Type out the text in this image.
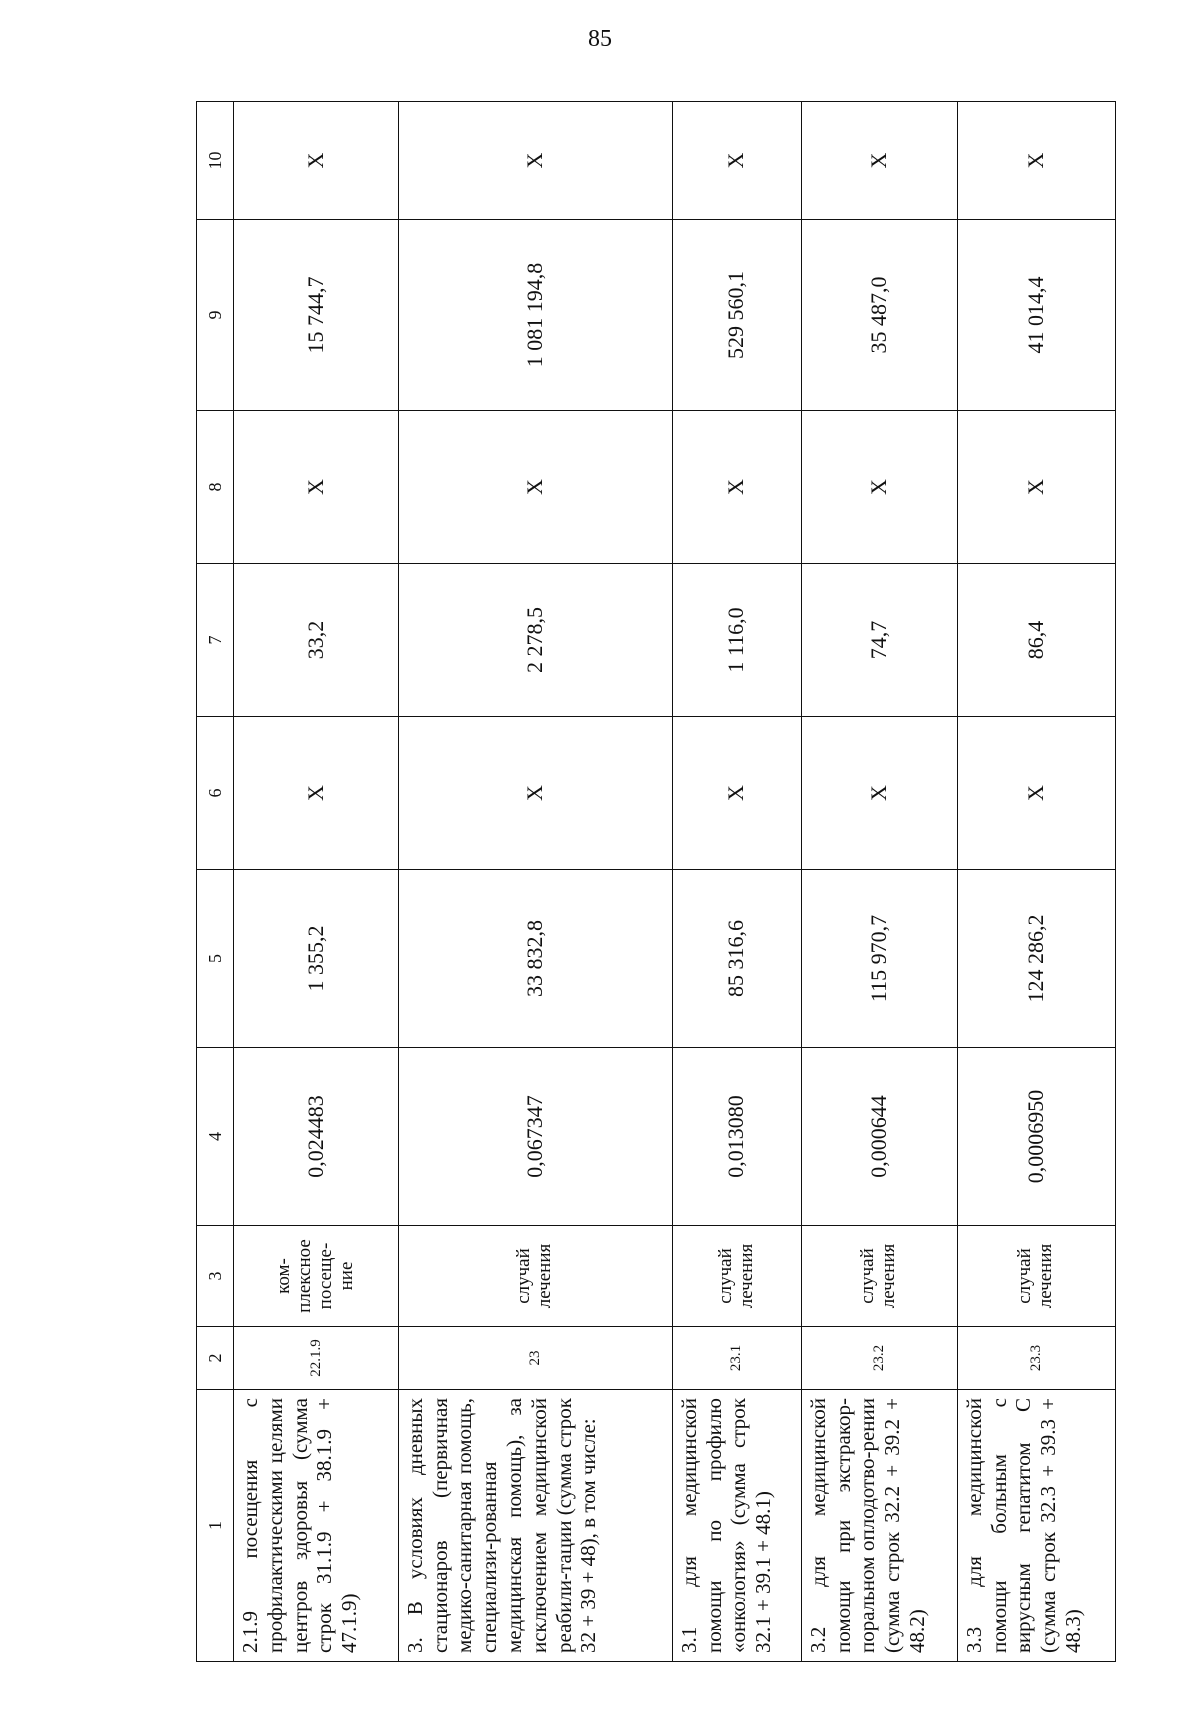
85
1	2	3	4	5	6	7	8	9	10
2.1.9 посещения с профилактическими целями центров здоровья (сумма строк 31.1.9 + 38.1.9 + 47.1.9)	22.1.9	ком-плексное посеще-ние	0,024483	1 355,2	Х	33,2	Х	15 744,7	Х
3. В условиях дневных стационаров (первичная медико-санитарная помощь, специализи-рованная медицинская помощь), за исключением медицинской реабили-тации (сумма строк 32 + 39 + 48), в том числе:	23	случай лечения	0,067347	33 832,8	Х	2 278,5	Х	1 081 194,8	Х
3.1 для медицинской помощи по профилю «онкология» (сумма строк 32.1 + 39.1 + 48.1)	23.1	случай лечения	0,013080	85 316,6	Х	1 116,0	Х	529 560,1	Х
3.2 для медицинской помощи при экстракор-поральном оплодотво-рении (сумма строк 32.2 + 39.2 + 48.2)	23.2	случай лечения	0,000644	115 970,7	Х	74,7	Х	35 487,0	Х
3.3 для медицинской помощи больным с вирусным гепатитом С (сумма строк 32.3 + 39.3 + 48.3)	23.3	случай лечения	0,0006950	124 286,2	Х	86,4	Х	41 014,4	Х
